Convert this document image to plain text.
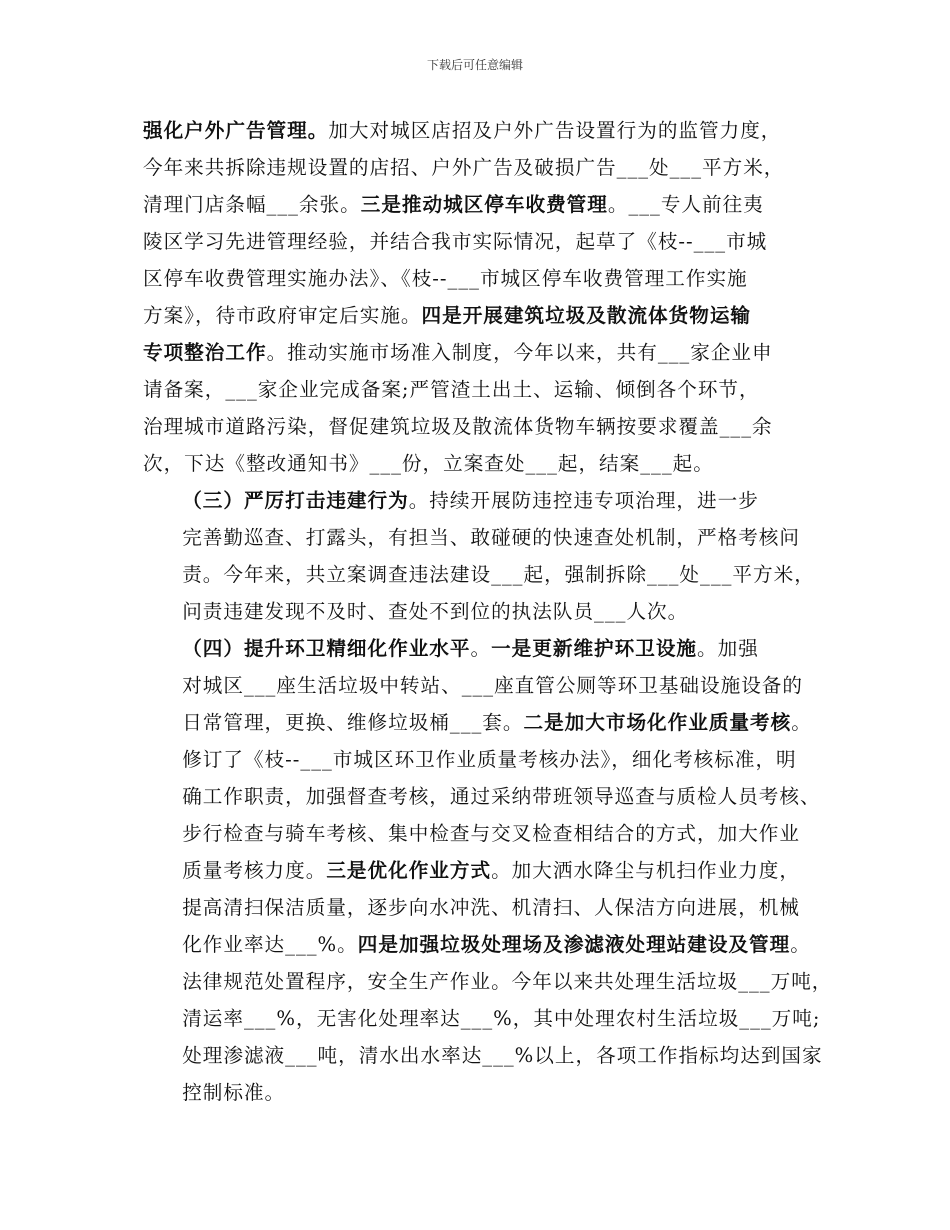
下载后可任意编辑

强化户外广告管理。加大对城区店招及户外广告设置行为的监管力度，
今年来共拆除违规设置的店招、户外广告及破损广告___处___平方米，
清理门店条幅___余张。三是推动城区停车收费管理。___专人前往夷
陵区学习先进管理经验，并结合我市实际情况，起草了《枝--___市城
区停车收费管理实施办法》、《枝--___市城区停车收费管理工作实施
方案》，待市政府审定后实施。四是开展建筑垃圾及散流体货物运输
专项整治工作。推动实施市场准入制度，今年以来，共有___家企业申
请备案，___家企业完成备案;严管渣土出土、运输、倾倒各个环节，
治理城市道路污染，督促建筑垃圾及散流体货物车辆按要求覆盖___余
次，下达《整改通知书》___份，立案查处___起，结案___起。

（三）严厉打击违建行为。持续开展防违控违专项治理，进一步
完善勤巡查、打露头，有担当、敢碰硬的快速查处机制，严格考核问
责。今年来，共立案调查违法建设___起，强制拆除___处___平方米，
问责违建发现不及时、查处不到位的执法队员___人次。

（四）提升环卫精细化作业水平。一是更新维护环卫设施。加强
对城区___座生活垃圾中转站、___座直管公厕等环卫基础设施设备的
日常管理，更换、维修垃圾桶___套。二是加大市场化作业质量考核。
修订了《枝--___市城区环卫作业质量考核办法》，细化考核标准，明
确工作职责，加强督查考核，通过采纳带班领导巡查与质检人员考核、
步行检查与骑车考核、集中检查与交叉检查相结合的方式，加大作业
质量考核力度。三是优化作业方式。加大洒水降尘与机扫作业力度，
提高清扫保洁质量，逐步向水冲洗、机清扫、人保洁方向进展，机械
化作业率达___%。四是加强垃圾处理场及渗滤液处理站建设及管理。
法律规范处置程序，安全生产作业。今年以来共处理生活垃圾___万吨，
清运率___%，无害化处理率达___%，其中处理农村生活垃圾___万吨;
处理渗滤液___吨，清水出水率达___%以上，各项工作指标均达到国家
控制标准。
